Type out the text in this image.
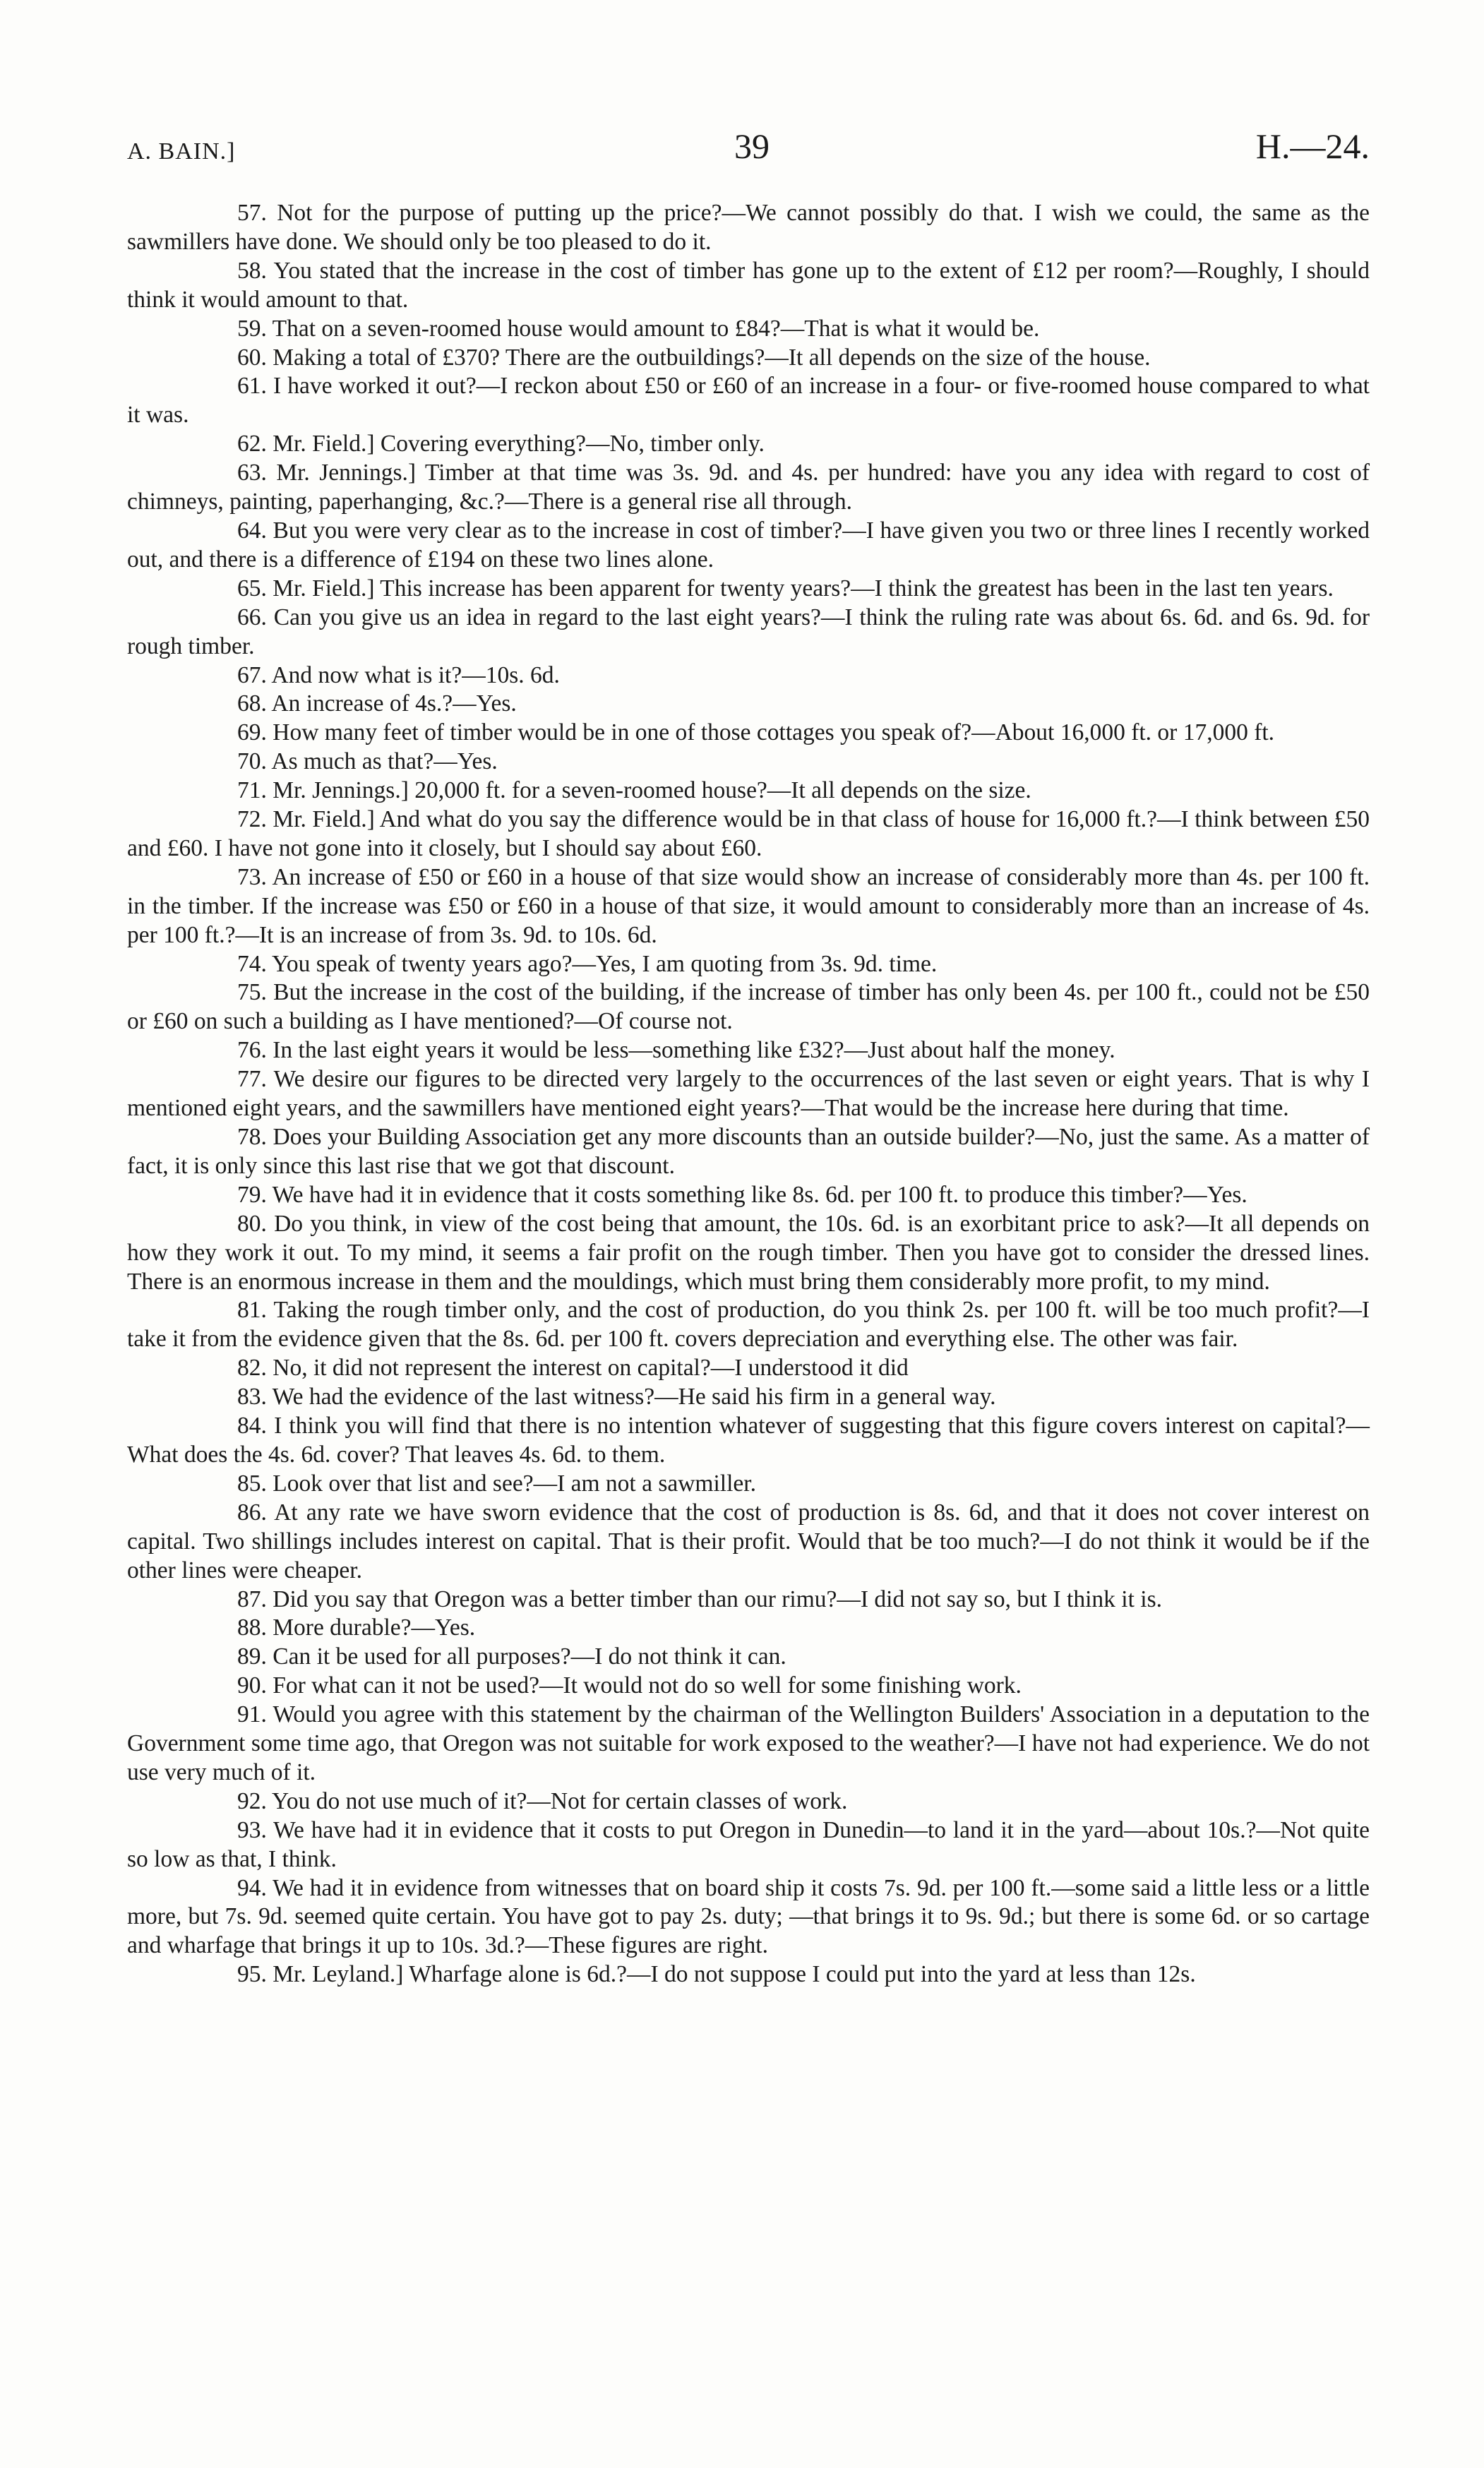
A. BAIN.]	39	H.—24.

57. Not for the purpose of putting up the price?—We cannot possibly do that. I wish we could, the same as the sawmillers have done. We should only be too pleased to do it.

58. You stated that the increase in the cost of timber has gone up to the extent of £12 per room?—Roughly, I should think it would amount to that.

59. That on a seven-roomed house would amount to £84?—That is what it would be.

60. Making a total of £370? There are the outbuildings?—It all depends on the size of the house.

61. I have worked it out?—I reckon about £50 or £60 of an increase in a four- or five-roomed house compared to what it was.

62. Mr. Field.] Covering everything?—No, timber only.

63. Mr. Jennings.] Timber at that time was 3s. 9d. and 4s. per hundred: have you any idea with regard to cost of chimneys, painting, paperhanging, &c.?—There is a general rise all through.

64. But you were very clear as to the increase in cost of timber?—I have given you two or three lines I recently worked out, and there is a difference of £194 on these two lines alone.

65. Mr. Field.] This increase has been apparent for twenty years?—I think the greatest has been in the last ten years.

66. Can you give us an idea in regard to the last eight years?—I think the ruling rate was about 6s. 6d. and 6s. 9d. for rough timber.

67. And now what is it?—10s. 6d.

68. An increase of 4s.?—Yes.

69. How many feet of timber would be in one of those cottages you speak of?—About 16,000 ft. or 17,000 ft.

70. As much as that?—Yes.

71. Mr. Jennings.] 20,000 ft. for a seven-roomed house?—It all depends on the size.

72. Mr. Field.] And what do you say the difference would be in that class of house for 16,000 ft.?—I think between £50 and £60. I have not gone into it closely, but I should say about £60.

73. An increase of £50 or £60 in a house of that size would show an increase of considerably more than 4s. per 100 ft. in the timber. If the increase was £50 or £60 in a house of that size, it would amount to considerably more than an increase of 4s. per 100 ft.?—It is an increase of from 3s. 9d. to 10s. 6d.

74. You speak of twenty years ago?—Yes, I am quoting from 3s. 9d. time.

75. But the increase in the cost of the building, if the increase of timber has only been 4s. per 100 ft., could not be £50 or £60 on such a building as I have mentioned?—Of course not.

76. In the last eight years it would be less—something like £32?—Just about half the money.

77. We desire our figures to be directed very largely to the occurrences of the last seven or eight years. That is why I mentioned eight years, and the sawmillers have mentioned eight years?—That would be the increase here during that time.

78. Does your Building Association get any more discounts than an outside builder?—No, just the same. As a matter of fact, it is only since this last rise that we got that discount.

79. We have had it in evidence that it costs something like 8s. 6d. per 100 ft. to produce this timber?—Yes.

80. Do you think, in view of the cost being that amount, the 10s. 6d. is an exorbitant price to ask?—It all depends on how they work it out. To my mind, it seems a fair profit on the rough timber. Then you have got to consider the dressed lines. There is an enormous increase in them and the mouldings, which must bring them considerably more profit, to my mind.

81. Taking the rough timber only, and the cost of production, do you think 2s. per 100 ft. will be too much profit?—I take it from the evidence given that the 8s. 6d. per 100 ft. covers depreciation and everything else. The other was fair.

82. No, it did not represent the interest on capital?—I understood it did

83. We had the evidence of the last witness?—He said his firm in a general way.

84. I think you will find that there is no intention whatever of suggesting that this figure covers interest on capital?—What does the 4s. 6d. cover? That leaves 4s. 6d. to them.

85. Look over that list and see?—I am not a sawmiller.

86. At any rate we have sworn evidence that the cost of production is 8s. 6d, and that it does not cover interest on capital. Two shillings includes interest on capital. That is their profit. Would that be too much?—I do not think it would be if the other lines were cheaper.

87. Did you say that Oregon was a better timber than our rimu?—I did not say so, but I think it is.

88. More durable?—Yes.

89. Can it be used for all purposes?—I do not think it can.

90. For what can it not be used?—It would not do so well for some finishing work.

91. Would you agree with this statement by the chairman of the Wellington Builders' Association in a deputation to the Government some time ago, that Oregon was not suitable for work exposed to the weather?—I have not had experience. We do not use very much of it.

92. You do not use much of it?—Not for certain classes of work.

93. We have had it in evidence that it costs to put Oregon in Dunedin—to land it in the yard—about 10s.?—Not quite so low as that, I think.

94. We had it in evidence from witnesses that on board ship it costs 7s. 9d. per 100 ft.—some said a little less or a little more, but 7s. 9d. seemed quite certain. You have got to pay 2s. duty; —that brings it to 9s. 9d.; but there is some 6d. or so cartage and wharfage that brings it up to 10s. 3d.?—These figures are right.

95. Mr. Leyland.] Wharfage alone is 6d.?—I do not suppose I could put into the yard at less than 12s.
